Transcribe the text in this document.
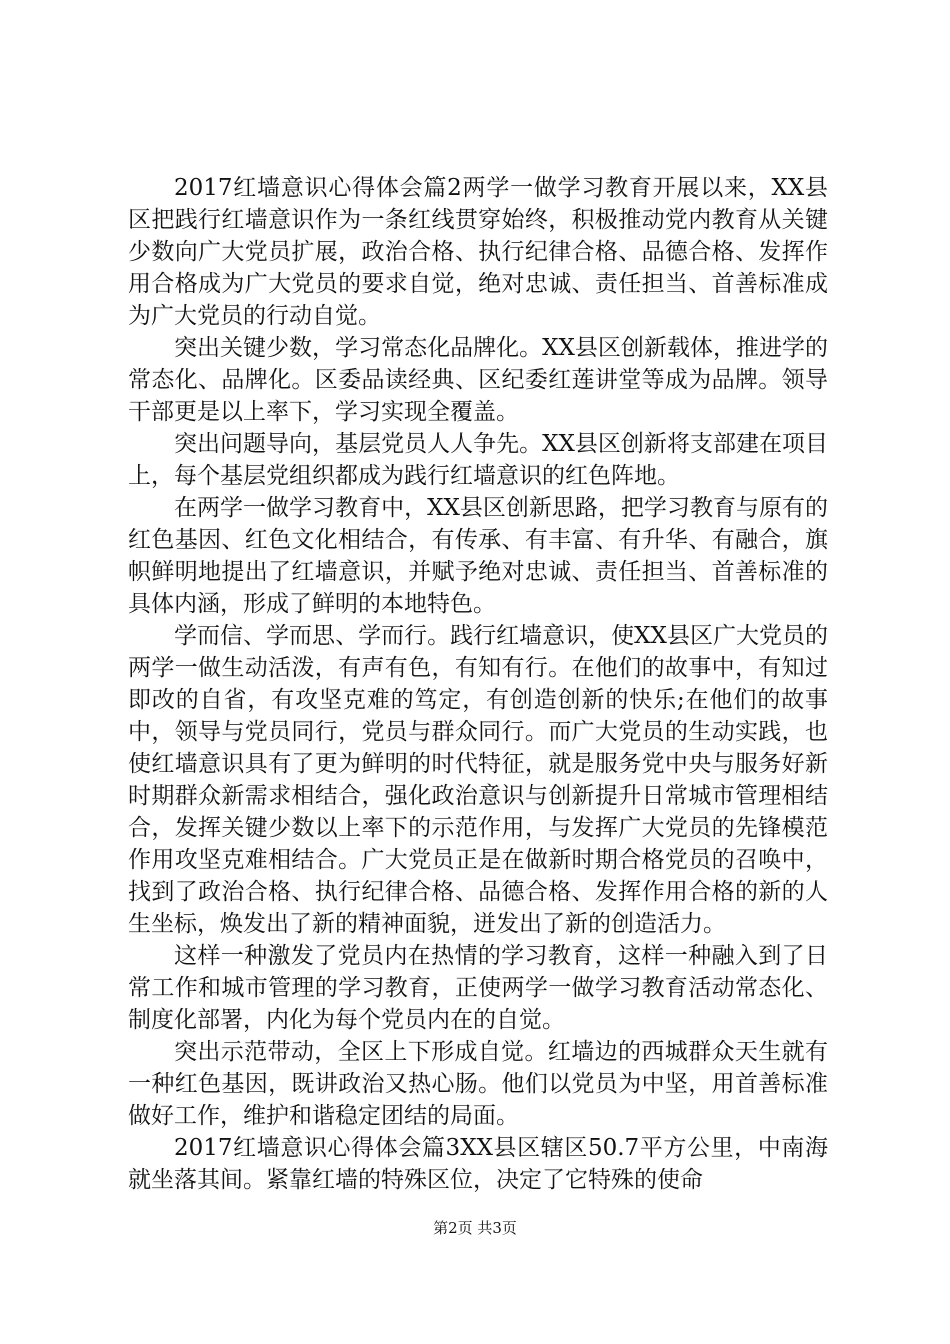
2017红墙意识心得体会篇2两学一做学习教育开展以来，XX县区把践行红墙意识作为一条红线贯穿始终，积极推动党内教育从关键少数向广大党员扩展，政治合格、执行纪律合格、品德合格、发挥作用合格成为广大党员的要求自觉，绝对忠诚、责任担当、首善标准成为广大党员的行动自觉。

突出关键少数，学习常态化品牌化。XX县区创新载体，推进学的常态化、品牌化。区委品读经典、区纪委红莲讲堂等成为品牌。领导干部更是以上率下，学习实现全覆盖。

突出问题导向，基层党员人人争先。XX县区创新将支部建在项目上，每个基层党组织都成为践行红墙意识的红色阵地。

在两学一做学习教育中，XX县区创新思路，把学习教育与原有的红色基因、红色文化相结合，有传承、有丰富、有升华、有融合，旗帜鲜明地提出了红墙意识，并赋予绝对忠诚、责任担当、首善标准的具体内涵，形成了鲜明的本地特色。

学而信、学而思、学而行。践行红墙意识，使XX县区广大党员的两学一做生动活泼，有声有色，有知有行。在他们的故事中，有知过即改的自省，有攻坚克难的笃定，有创造创新的快乐;在他们的故事中，领导与党员同行，党员与群众同行。而广大党员的生动实践，也使红墙意识具有了更为鲜明的时代特征，就是服务党中央与服务好新时期群众新需求相结合，强化政治意识与创新提升日常城市管理相结合，发挥关键少数以上率下的示范作用，与发挥广大党员的先锋模范作用攻坚克难相结合。广大党员正是在做新时期合格党员的召唤中，找到了政治合格、执行纪律合格、品德合格、发挥作用合格的新的人生坐标，焕发出了新的精神面貌，迸发出了新的创造活力。

这样一种激发了党员内在热情的学习教育，这样一种融入到了日常工作和城市管理的学习教育，正使两学一做学习教育活动常态化、制度化部署，内化为每个党员内在的自觉。

突出示范带动，全区上下形成自觉。红墙边的西城群众天生就有一种红色基因，既讲政治又热心肠。他们以党员为中坚，用首善标准做好工作，维护和谐稳定团结的局面。

2017红墙意识心得体会篇3XX县区辖区50.7平方公里，中南海就坐落其间。紧靠红墙的特殊区位，决定了它特殊的使命

第2页 共3页
